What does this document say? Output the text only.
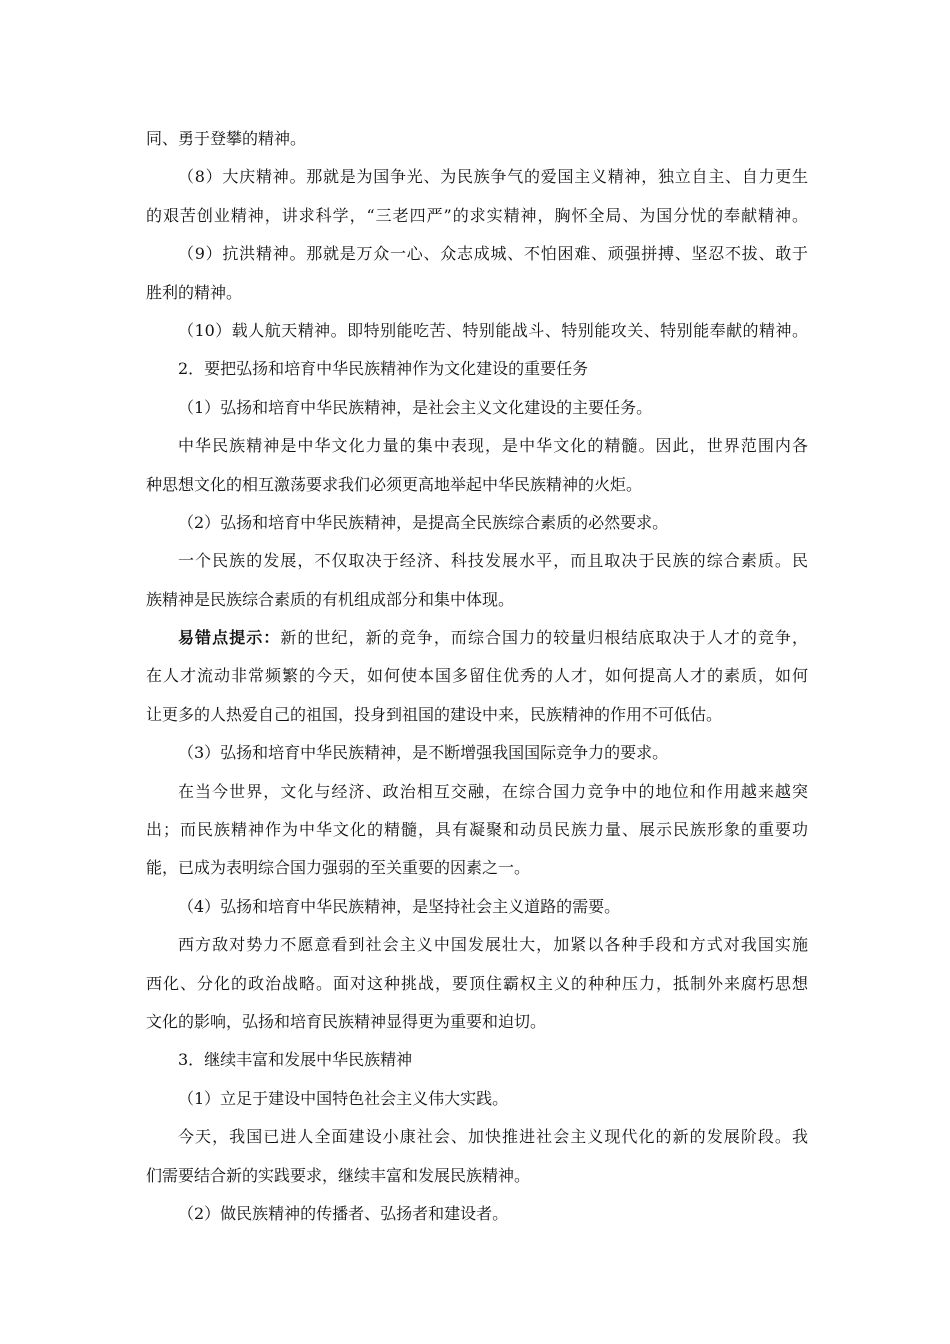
同、勇于登攀的精神。
（8）大庆精神。那就是为国争光、为民族争气的爱国主义精神，独立自主、自力更生
的艰苦创业精神，讲求科学，“三老四严”的求实精神，胸怀全局、为国分忧的奉献精神。
（9）抗洪精神。那就是万众一心、众志成城、不怕困难、顽强拼搏、坚忍不拔、敢于
胜利的精神。
（10）载人航天精神。即特别能吃苦、特别能战斗、特别能攻关、特别能奉献的精神。
2．要把弘扬和培育中华民族精神作为文化建设的重要任务
（1）弘扬和培育中华民族精神，是社会主义文化建设的主要任务。
中华民族精神是中华文化力量的集中表现，是中华文化的精髓。因此，世界范围内各
种思想文化的相互激荡要求我们必须更高地举起中华民族精神的火炬。
（2）弘扬和培育中华民族精神，是提高全民族综合素质的必然要求。
一个民族的发展，不仅取决于经济、科技发展水平，而且取决于民族的综合素质。民
族精神是民族综合素质的有机组成部分和集中体现。
易错点提示：新的世纪，新的竞争，而综合国力的较量归根结底取决于人才的竞争，
在人才流动非常频繁的今天，如何使本国多留住优秀的人才，如何提高人才的素质，如何
让更多的人热爱自己的祖国，投身到祖国的建设中来，民族精神的作用不可低估。
（3）弘扬和培育中华民族精神，是不断增强我国国际竞争力的要求。
在当今世界，文化与经济、政治相互交融，在综合国力竞争中的地位和作用越来越突
出；而民族精神作为中华文化的精髓，具有凝聚和动员民族力量、展示民族形象的重要功
能，已成为表明综合国力强弱的至关重要的因素之一。
（4）弘扬和培育中华民族精神，是坚持社会主义道路的需要。
西方敌对势力不愿意看到社会主义中国发展壮大，加紧以各种手段和方式对我国实施
西化、分化的政治战略。面对这种挑战，要顶住霸权主义的种种压力，抵制外来腐朽思想
文化的影响，弘扬和培育民族精神显得更为重要和迫切。
3．继续丰富和发展中华民族精神
（1）立足于建设中国特色社会主义伟大实践。
今天，我国已进人全面建设小康社会、加快推进社会主义现代化的新的发展阶段。我
们需要结合新的实践要求，继续丰富和发展民族精神。
（2）做民族精神的传播者、弘扬者和建设者。
